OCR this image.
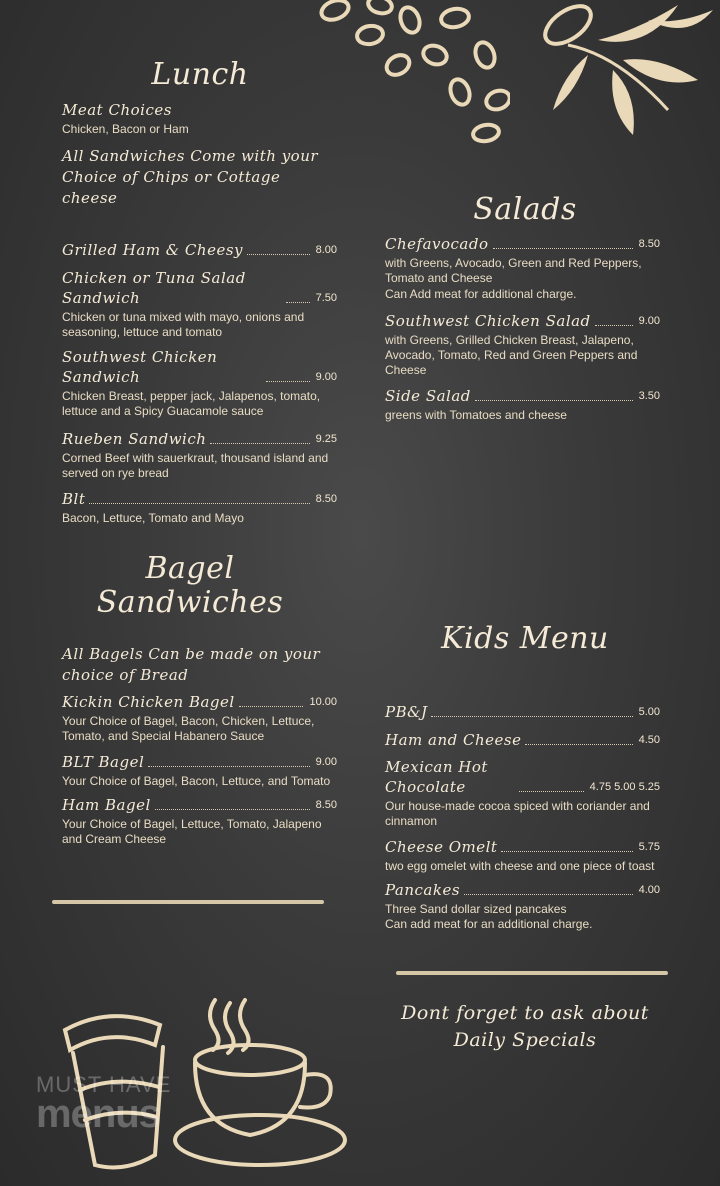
Lunch
Meat Choices
Chicken, Bacon or Ham
All Sandwiches Come with your Choice of Chips or Cottage cheese
Grilled Ham & Cheesy	8.00
Chicken or Tuna Salad Sandwich	7.50
Chicken or tuna mixed with mayo, onions and seasoning, lettuce and tomato
Southwest Chicken Sandwich	9.00
Chicken Breast, pepper jack, Jalapenos, tomato, lettuce and a Spicy Guacamole sauce
Rueben Sandwich	9.25
Corned Beef with sauerkraut, thousand island and served on rye bread
Blt	8.50
Bacon, Lettuce, Tomato and Mayo
Bagel
Sandwiches
All Bagels Can be made on your choice of Bread
Kickin Chicken Bagel	10.00
Your Choice of Bagel, Bacon, Chicken, Lettuce, Tomato, and Special Habanero Sauce
BLT Bagel	9.00
Your Choice of Bagel, Bacon, Lettuce, and Tomato
Ham Bagel	8.50
Your Choice of Bagel, Lettuce, Tomato, Jalapeno and Cream Cheese
Salads
Chefavocado	8.50
with Greens, Avocado, Green and Red Peppers, Tomato and Cheese
Can Add meat for additional charge.
Southwest Chicken Salad	9.00
with Greens, Grilled Chicken Breast, Jalapeno, Avocado, Tomato, Red and Green Peppers and Cheese
Side Salad	3.50
greens with Tomatoes and cheese
Kids Menu
PB&J	5.00
Ham and Cheese	4.50
Mexican Hot Chocolate	4.75 5.00 5.25
Our house-made cocoa spiced with coriander and cinnamon
Cheese Omelt	5.75
two egg omelet with cheese and one piece of toast
Pancakes	4.00
Three Sand dollar sized pancakes
Can add meat for an additional charge.
Dont forget to ask about Daily Specials
MUST HAVE
menus
